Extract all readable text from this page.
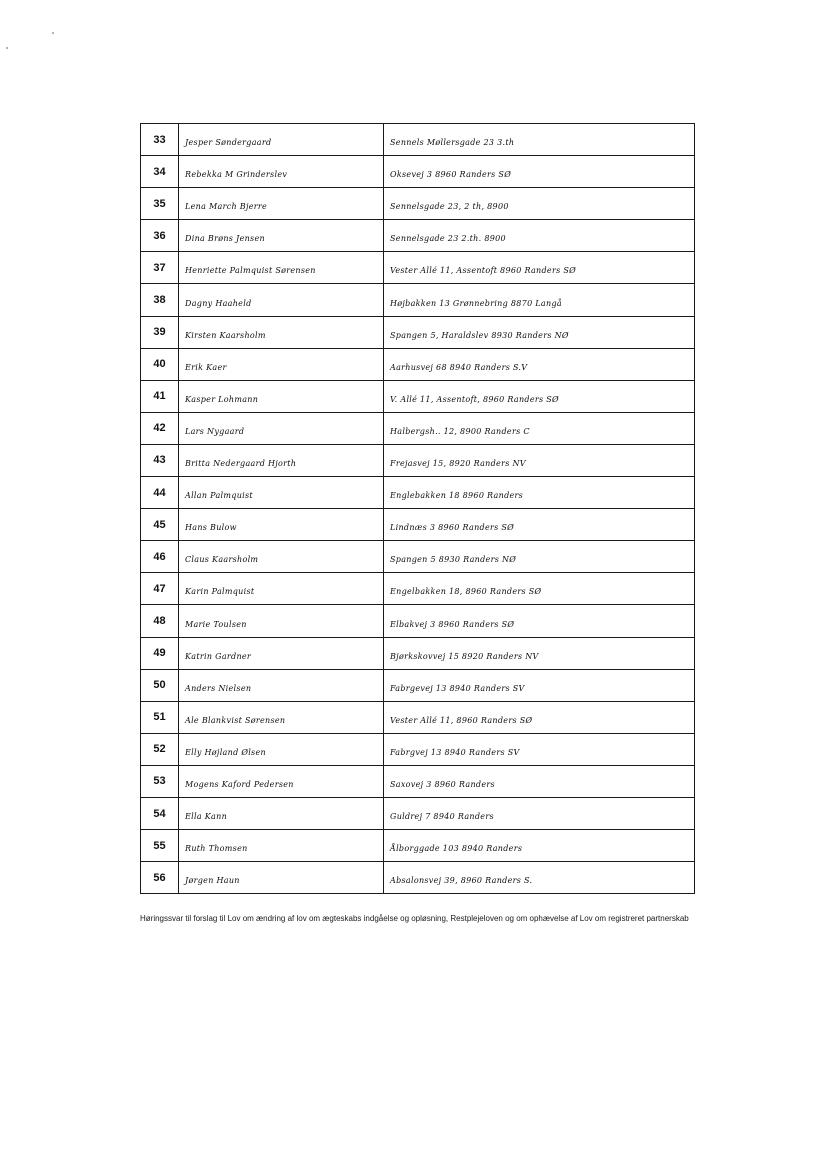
33	Jesper Søndergaard	Sennels Møllersgade 23 3.th

34	Rebekka M Grinderslev	Oksevej 3 8960 Randers SØ

35	Lena March Bjerre	Sennelsgade 23, 2 th, 8900

36	Dina Brøns Jensen	Sennelsgade 23 2.th. 8900

37	Henriette Palmquist Sørensen	Vester Allé 11, Assentoft 8960 Randers SØ

38	Dagny Haaheld	Højbakken 13 Grønnebring 8870 Langå

39	Kirsten Kaarsholm	Spangen 5, Haraldslev 8930 Randers NØ

40	Erik Kaer	Aarhusvej 68 8940 Randers S.V

41	Kasper Lohmann	V. Allé 11, Assentoft, 8960 Randers SØ

42	Lars Nygaard	Halbergsh.. 12, 8900 Randers C

43	Britta Nedergaard Hjorth	Frejasvej 15, 8920 Randers NV

44	Allan Palmquist	Englebakken 18 8960 Randers

45	Hans Bulow	Lindnæs 3 8960 Randers SØ

46	Claus Kaarsholm	Spangen 5 8930 Randers NØ

47	Karin Palmquist	Engelbakken 18, 8960 Randers SØ

48	Marie Toulsen	Elbakvej 3 8960 Randers SØ

49	Katrin Gardner	Bjørkskovvej 15 8920 Randers NV

50	Anders Nielsen	Fabrgevej 13 8940 Randers SV

51	Ale Blankvist Sørensen	Vester Allé 11, 8960 Randers SØ

52	Elly Højland Ølsen	Fabrgvej 13 8940 Randers SV

53	Mogens Kaford Pedersen	Saxovej 3 8960 Randers

54	Ella Kann	Guldrej 7 8940 Randers

55	Ruth Thomsen	Ålborggade 103 8940 Randers

56	Jørgen Haun	Absalonsvej 39, 8960 Randers S.
Høringssvar til forslag til Lov om ændring af lov om ægteskabs indgåelse og opløsning, Restplejeloven og om ophævelse af Lov om registreret partnerskab
